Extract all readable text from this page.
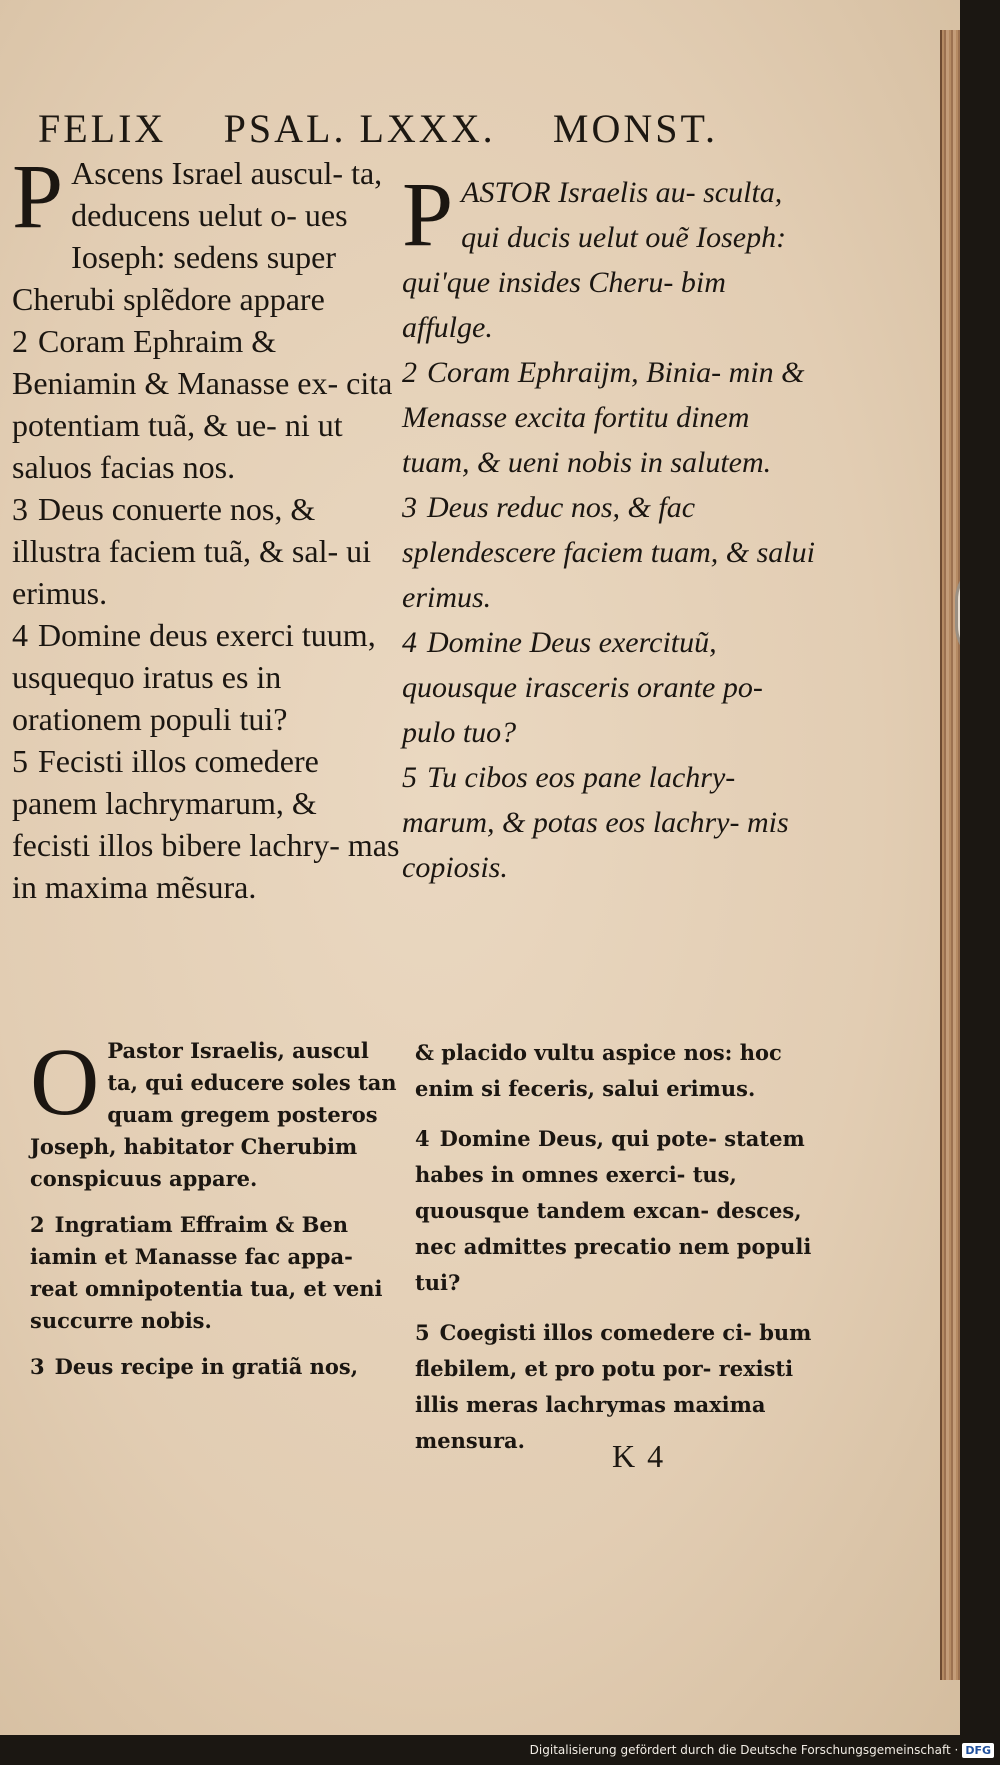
FELIX PSAL. LXXX. MONST.

P Ascens Israel auscul- ta, deducens uelut o- ues Ioseph: sedens super Cherubi splẽdore appare

2 Coram Ephraim & Beniamin & Manasse ex- cita potentiam tuã, & ue- ni ut saluos facias nos.

3 Deus conuerte nos, & illustra faciem tuã, & sal- ui erimus.

4 Domine deus exerci tuum, usquequo iratus es in orationem populi tui?

5 Fecisti illos comedere panem lachrymarum, & fecisti illos bibere lachry- mas in maxima mẽsura.

PASTOR Israelis au- scultа, qui ducis uelut ouẽ Ioseph: qui'que insides Cheru- bim affulge.

2 Coram Ephraijm, Binia- min & Menasse excita fortitu dinem tuam, & ueni nobis in salutem.

3 Deus reduc nos, & fac splendescere faciem tuam, & salui erimus.

4 Domine Deus exercituũ, quousque irasceris orante po- pulo tuo?

5 Tu cibos eos pane lachry- marum, & potas eos lachry- mis copiosis.

O Pastor Israelis, auscul ta, qui educere soles tan quam gregem posteros Joseph, habitator Cherubim conspicuus appare.

2 Ingratiam Effraim & Ben iamin et Manasse fac appa- reat omnipotentia tua, et veni succurre nobis.

3 Deus recipe in gratiã nos,

& placido vultu aspice nos: hoc enim si feceris, salui erimus.

4 Domine Deus, qui pote- statem habes in omnes exerci- tus, quousque tandem excan- desces, nec admittes precatio nem populi tui?

5 Coegisti illos comedere ci- bum flebilem, et pro potu por- rexisti illis meras lachrymas maxima mensura.	K 4
Digitalisierung gefördert durch die Deutsche Forschungsgemeinschaft · DFG
